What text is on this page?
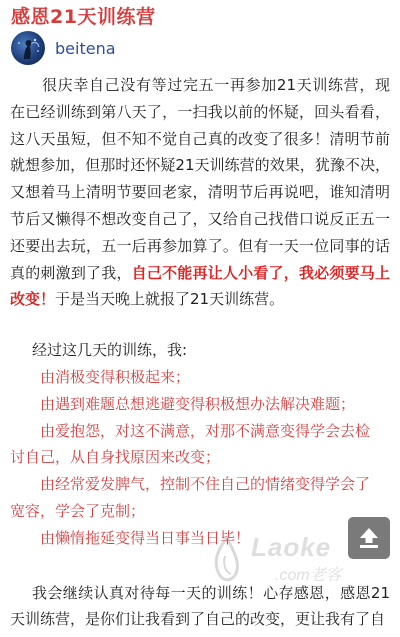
感恩21天训练营
beitena

很庆幸自己没有等过完五一再参加21天训练营，现在已经训练到第八天了，一扫我以前的怀疑，回头看看，这八天虽短，但不知不觉自己真的改变了很多！清明节前就想参加，但那时还怀疑21天训练营的效果，犹豫不决，又想着马上清明节要回老家，清明节后再说吧，谁知清明节后又懒得不想改变自己了，又给自己找借口说反正五一还要出去玩，五一后再参加算了。但有一天一位同事的话真的刺激到了我，自己不能再让人小看了，我必须要马上改变！于是当天晚上就报了21天训练营。

经过这几天的训练，我:

由消极变得积极起来；

由遇到难题总想逃避变得积极想办法解决难题；

由爱抱怨，对这不满意，对那不满意变得学会去检

讨自己，从自身找原因来改变；

由经常爱发脾气，控制不住自己的情绪变得学会了

宽容，学会了克制；

由懒惰拖延变得当日事当日毕！

我会继续认真对待每一天的训练！心存感恩，感恩21天训练营，是你们让我看到了自己的改变，更让我有了自

Laoke
.com老客
